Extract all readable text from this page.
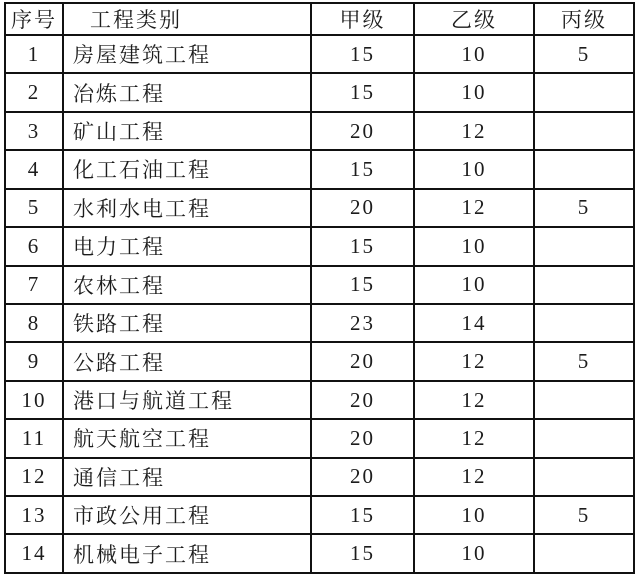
序号	工程类别	甲级	乙级	丙级
1	房屋建筑工程	15	10	5
2	冶炼工程	15	10	
3	矿山工程	20	12	
4	化工石油工程	15	10	
5	水利水电工程	20	12	5
6	电力工程	15	10	
7	农林工程	15	10	
8	铁路工程	23	14	
9	公路工程	20	12	5
10	港口与航道工程	20	12	
11	航天航空工程	20	12	
12	通信工程	20	12	
13	市政公用工程	15	10	5
14	机械电子工程	15	10	
